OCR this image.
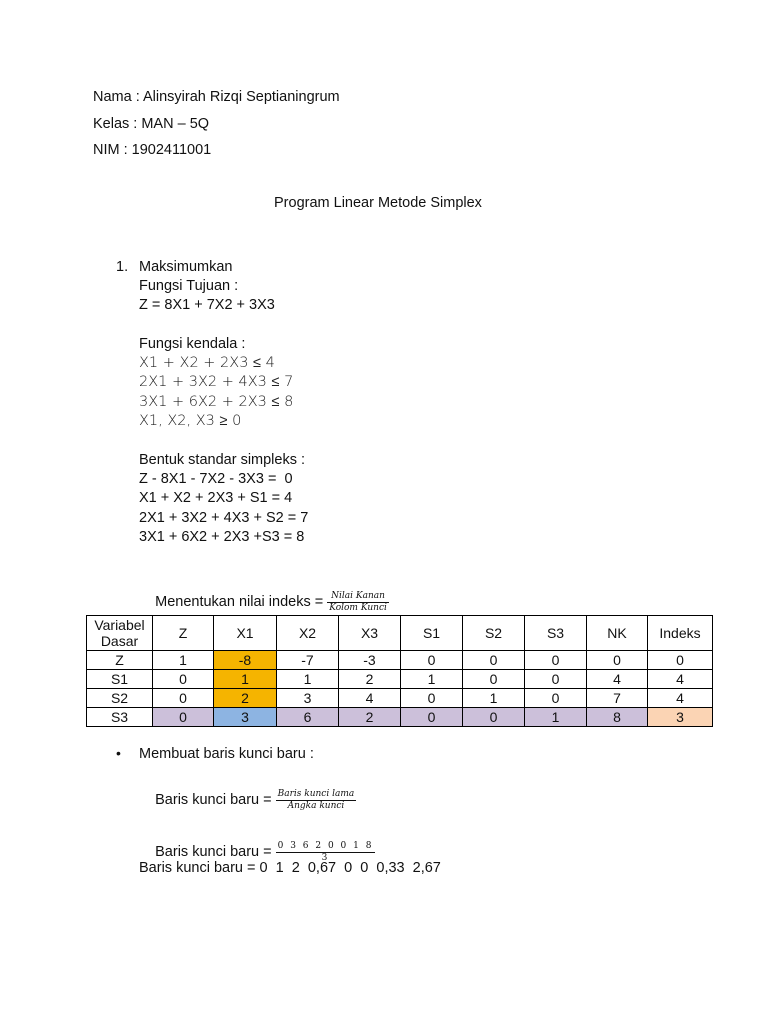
Nama : Alinsyirah Rizqi Septianingrum
Kelas : MAN – 5Q
NIM : 1902411001
Program Linear Metode Simplex
1. Maksimumkan
Fungsi Tujuan :
Z = 8X1 + 7X2 + 3X3
Fungsi kendala :
X1 + X2 + 2X3 ≤ 4
2X1 + 3X2 + 4X3 ≤ 7
3X1 + 6X2 + 2X3 ≤ 8
X1, X2, X3 ≥ 0
Bentuk standar simpleks :
Z - 8X1 - 7X2 - 3X3 =  0
X1 + X2 + 2X3 + S1 = 4
2X1 + 3X2 + 4X3 + S2 = 7
3X1 + 6X2 + 2X3 +S3 = 8

Menentukan nilai indeks = $\frac{\text{Nilai Kanan}}{\text{Kolom Kunci}}$

Variabel
Dasar	Z	X1	X2	X3	S1	S2	S3	NK	Indeks
Z	1	-8	-7	-3	0	0	0	0	0
S1	0	1	1	2	1	0	0	4	4
S2	0	2	3	4	0	1	0	7	4
S3	0	3	6	2	0	0	1	8	3
• Membuat baris kunci baru :

Baris kunci baru = $\frac{\text{Baris kunci lama}}{\text{Angka kunci}}$

Baris kunci baru = $\frac{0 3 6 2 0 0 1 8}{3}$

Baris kunci baru = 0  1  2  0,67  0  0  0,33  2,67
